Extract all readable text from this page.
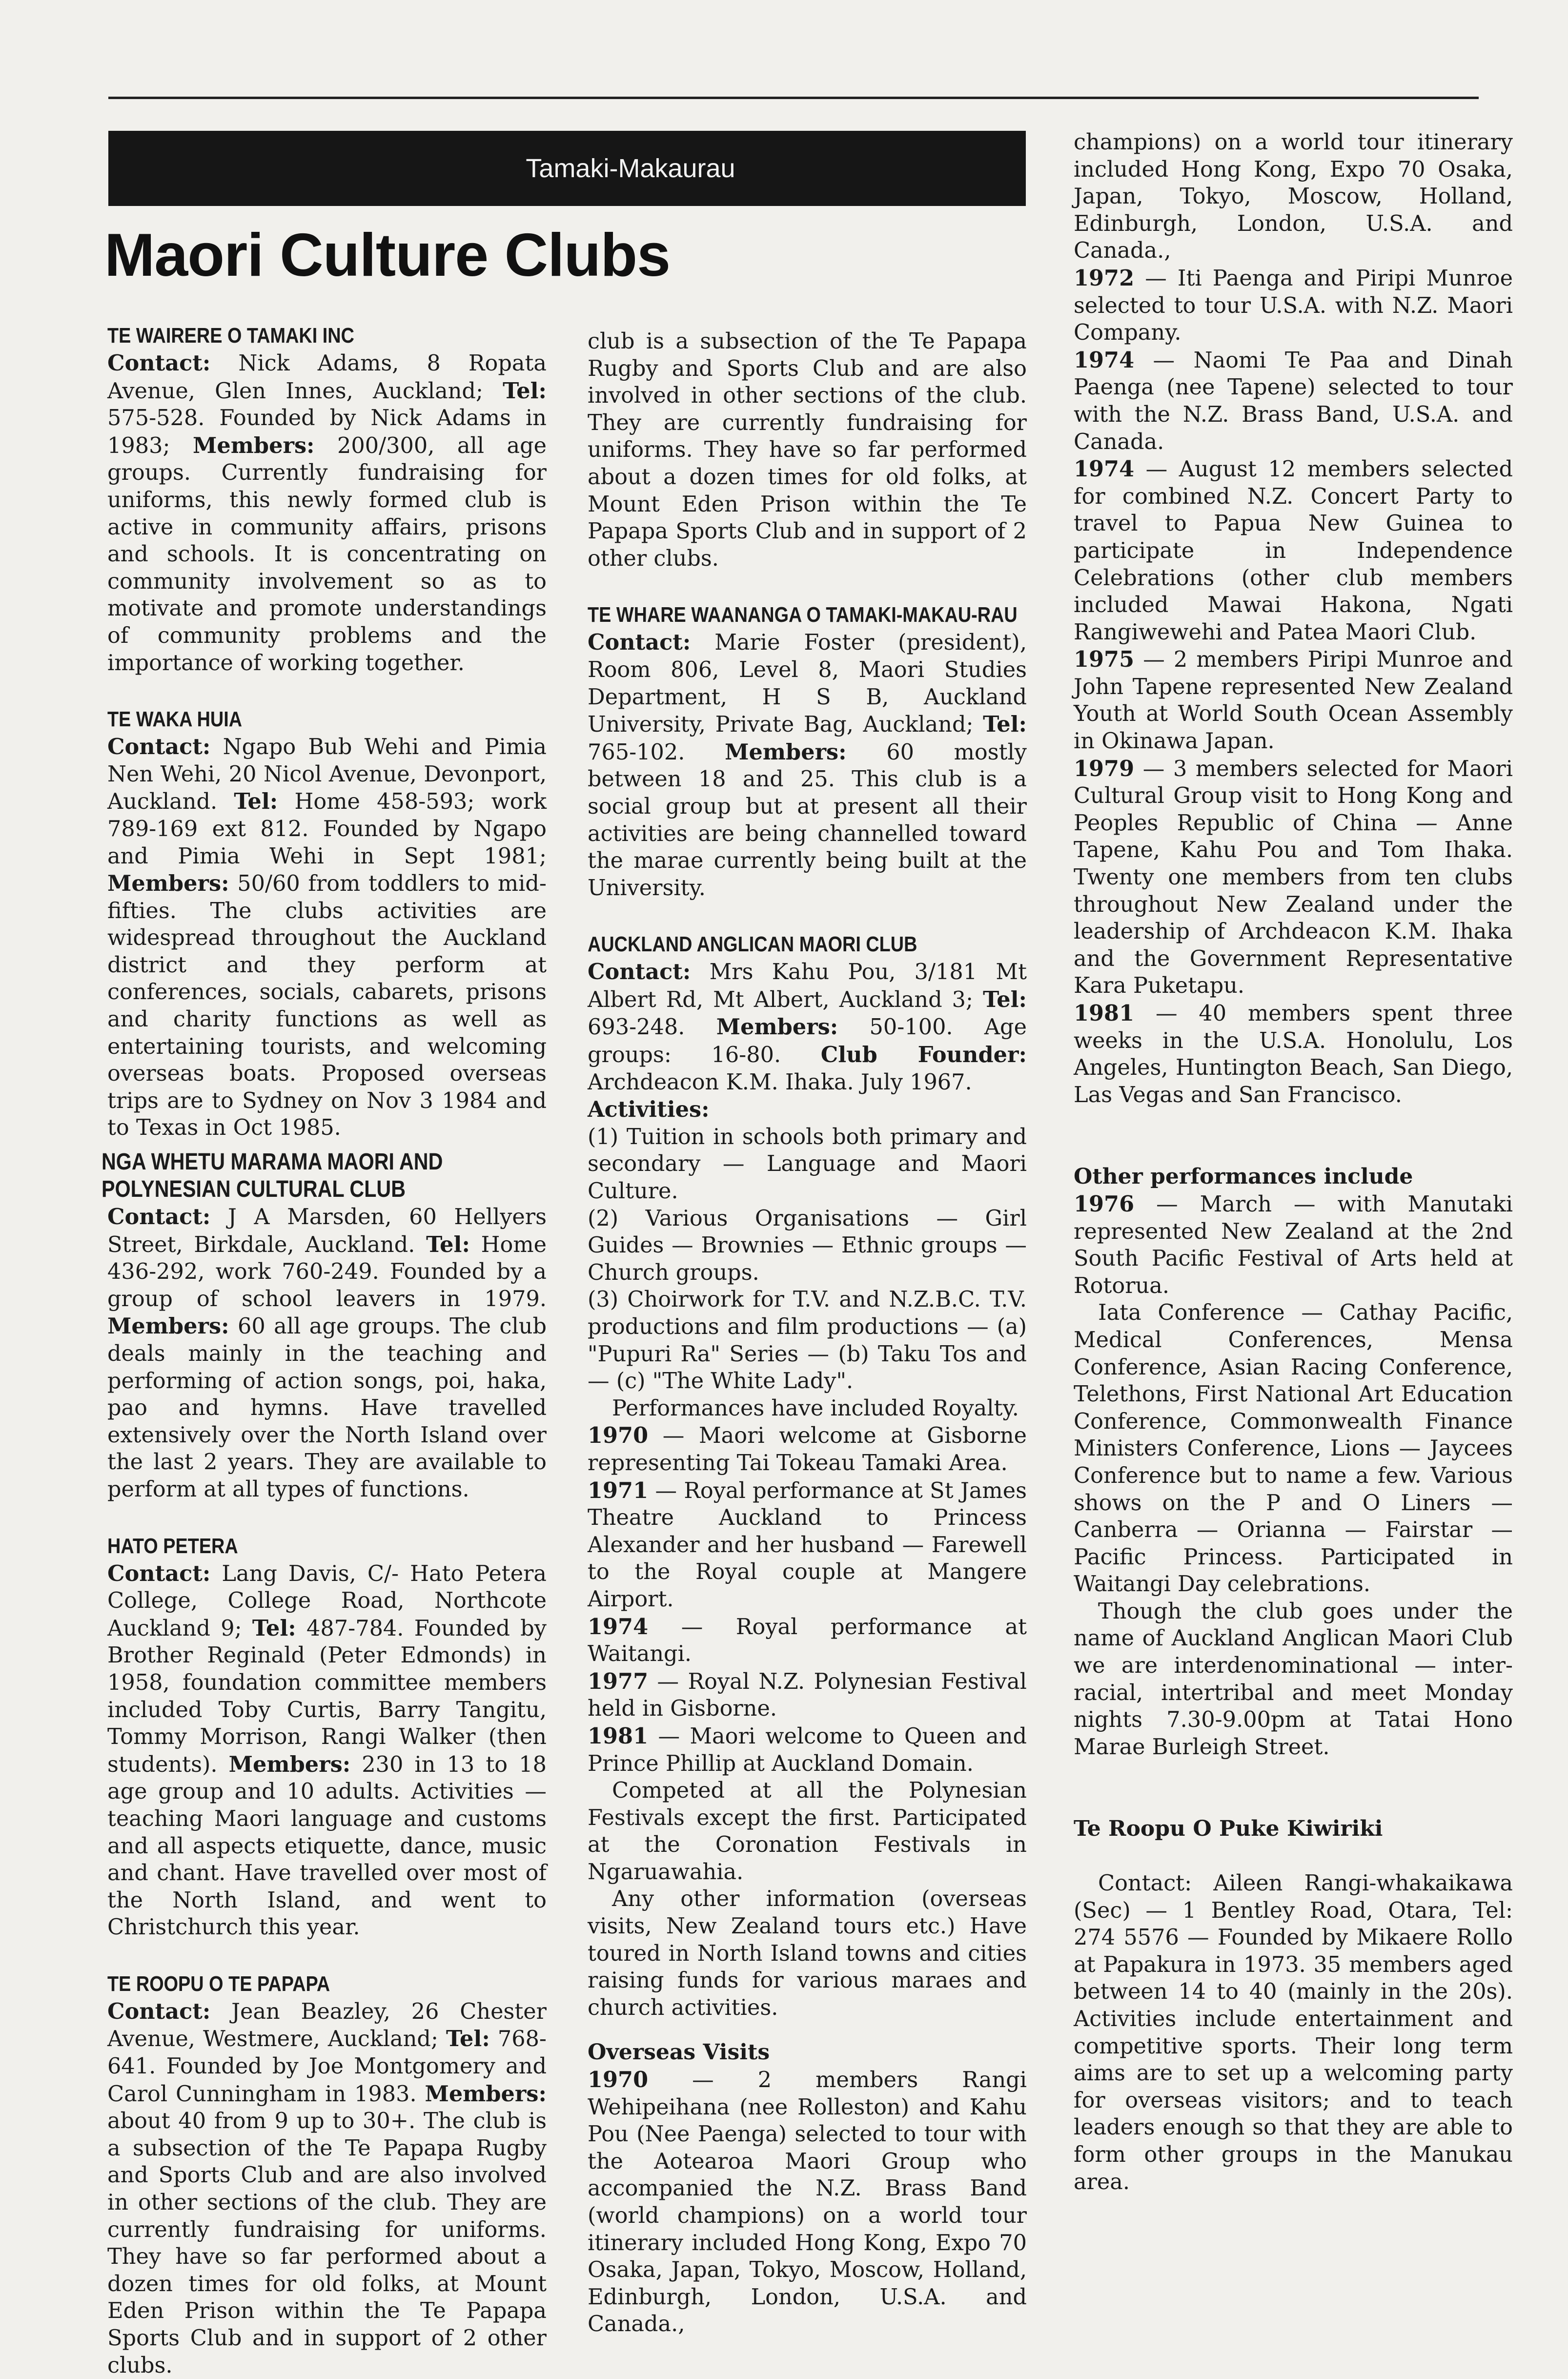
Tamaki-Makaurau
Maori Culture Clubs

TE WAIRERE O TAMAKI INC

Contact: Nick Adams, 8 Ropata Avenue, Glen Innes, Auckland; Tel: 575-528. Founded by Nick Adams in 1983; Members: 200/300, all age groups. Currently fundraising for uniforms, this newly formed club is active in community affairs, prisons and schools. It is concentrating on community involvement so as to motivate and promote understandings of community problems and the importance of working together.

TE WAKA HUIA

Contact: Ngapo Bub Wehi and Pimia Nen Wehi, 20 Nicol Avenue, Devonport, Auckland. Tel: Home 458-593; work 789-169 ext 812. Founded by Ngapo and Pimia Wehi in Sept 1981; Members: 50/60 from toddlers to mid-fifties. The clubs activities are widespread throughout the Auckland district and they perform at conferences, socials, cabarets, prisons and charity functions as well as entertaining tourists, and welcoming overseas boats. Proposed overseas trips are to Sydney on Nov 3 1984 and to Texas in Oct 1985.

NGA WHETU MARAMA MAORI AND POLYNESIAN CULTURAL CLUB

Contact: J A Marsden, 60 Hellyers Street, Birkdale, Auckland. Tel: Home 436-292, work 760-249. Founded by a group of school leavers in 1979. Members: 60 all age groups. The club deals mainly in the teaching and performing of action songs, poi, haka, pao and hymns. Have travelled extensively over the North Island over the last 2 years. They are available to perform at all types of functions.

HATO PETERA

Contact: Lang Davis, C/- Hato Petera College, College Road, Northcote Auckland 9; Tel: 487-784. Founded by Brother Reginald (Peter Edmonds) in 1958, foundation committee members included Toby Curtis, Barry Tangitu, Tommy Morrison, Rangi Walker (then students). Members: 230 in 13 to 18 age group and 10 adults. Activities — teaching Maori language and customs and all aspects etiquette, dance, music and chant. Have travelled over most of the North Island, and went to Christchurch this year.

TE ROOPU O TE PAPAPA

Contact: Jean Beazley, 26 Chester Avenue, Westmere, Auckland; Tel: 768-641. Founded by Joe Montgomery and Carol Cunningham in 1983. Members: about 40 from 9 up to 30+. The club is a subsection of the Te Papapa Rugby and Sports Club and are also involved in other sections of the club. They are currently fundraising for uniforms. They have so far performed about a dozen times for old folks, at Mount Eden Prison within the Te Papapa Sports Club and in support of 2 other clubs.

club is a subsection of the Te Papapa Rugby and Sports Club and are also involved in other sections of the club. They are currently fundraising for uniforms. They have so far performed about a dozen times for old folks, at Mount Eden Prison within the Te Papapa Sports Club and in support of 2 other clubs.

TE WHARE WAANANGA O TAMAKI-MAKAU-RAU

Contact: Marie Foster (president), Room 806, Level 8, Maori Studies Department, H S B, Auckland University, Private Bag, Auckland; Tel: 765-102. Members: 60 mostly between 18 and 25. This club is a social group but at present all their activities are being channelled toward the marae currently being built at the University.

AUCKLAND ANGLICAN MAORI CLUB

Contact: Mrs Kahu Pou, 3/181 Mt Albert Rd, Mt Albert, Auckland 3; Tel: 693-248. Members: 50-100. Age groups: 16-80. Club Founder: Archdeacon K.M. Ihaka. July 1967.

Activities:

(1) Tuition in schools both primary and secondary — Language and Maori Culture.

(2) Various Organisations — Girl Guides — Brownies — Ethnic groups — Church groups.

(3) Choirwork for T.V. and N.Z.B.C. T.V. productions and film productions — (a) "Pupuri Ra" Series — (b) Taku Tos and — (c) "The White Lady".

Performances have included Royalty.

1970 — Maori welcome at Gisborne representing Tai Tokeau Tamaki Area.

1971 — Royal performance at St James Theatre Auckland to Princess Alexander and her husband — Farewell to the Royal couple at Mangere Airport.

1974 — Royal performance at Waitangi.

1977 — Royal N.Z. Polynesian Festival held in Gisborne.

1981 — Maori welcome to Queen and Prince Phillip at Auckland Domain.

Competed at all the Polynesian Festivals except the first. Participated at the Coronation Festivals in Ngaruawahia.

Any other information (overseas visits, New Zealand tours etc.) Have toured in North Island towns and cities raising funds for various maraes and church activities.

Overseas Visits

1970 — 2 members Rangi Wehipeihana (nee Rolleston) and Kahu Pou (Nee Paenga) selected to tour with the Aotearoa Maori Group who accompanied the N.Z. Brass Band (world champions) on a world tour itinerary included Hong Kong, Expo 70 Osaka, Japan, Tokyo, Moscow, Holland, Edinburgh, London, U.S.A. and Canada.,

champions) on a world tour itinerary included Hong Kong, Expo 70 Osaka, Japan, Tokyo, Moscow, Holland, Edinburgh, London, U.S.A. and Canada.,

1972 — Iti Paenga and Piripi Munroe selected to tour U.S.A. with N.Z. Maori Company.

1974 — Naomi Te Paa and Dinah Paenga (nee Tapene) selected to tour with the N.Z. Brass Band, U.S.A. and Canada.

1974 — August 12 members selected for combined N.Z. Concert Party to travel to Papua New Guinea to participate in Independence Celebrations (other club members included Mawai Hakona, Ngati Rangiwewehi and Patea Maori Club.

1975 — 2 members Piripi Munroe and John Tapene represented New Zealand Youth at World South Ocean Assembly in Okinawa Japan.

1979 — 3 members selected for Maori Cultural Group visit to Hong Kong and Peoples Republic of China — Anne Tapene, Kahu Pou and Tom Ihaka. Twenty one members from ten clubs throughout New Zealand under the leadership of Archdeacon K.M. Ihaka and the Government Representative Kara Puketapu.

1981 — 40 members spent three weeks in the U.S.A. Honolulu, Los Angeles, Huntington Beach, San Diego, Las Vegas and San Francisco.

Other performances include

1976 — March — with Manutaki represented New Zealand at the 2nd South Pacific Festival of Arts held at Rotorua.

Iata Conference — Cathay Pacific, Medical Conferences, Mensa Conference, Asian Racing Conference, Telethons, First National Art Education Conference, Commonwealth Finance Ministers Conference, Lions — Jaycees Conference but to name a few. Various shows on the P and O Liners — Canberra — Orianna — Fairstar — Pacific Princess. Participated in Waitangi Day celebrations.

Though the club goes under the name of Auckland Anglican Maori Club we are interdenominational — inter-racial, intertribal and meet Monday nights 7.30-9.00pm at Tatai Hono Marae Burleigh Street.

Te Roopu O Puke Kiwiriki

Contact: Aileen Rangi-whakaikawa (Sec) — 1 Bentley Road, Otara, Tel: 274 5576 — Founded by Mikaere Rollo at Papakura in 1973. 35 members aged between 14 to 40 (mainly in the 20s). Activities include entertainment and competitive sports. Their long term aims are to set up a welcoming party for overseas visitors; and to teach leaders enough so that they are able to form other groups in the Manukau area.
